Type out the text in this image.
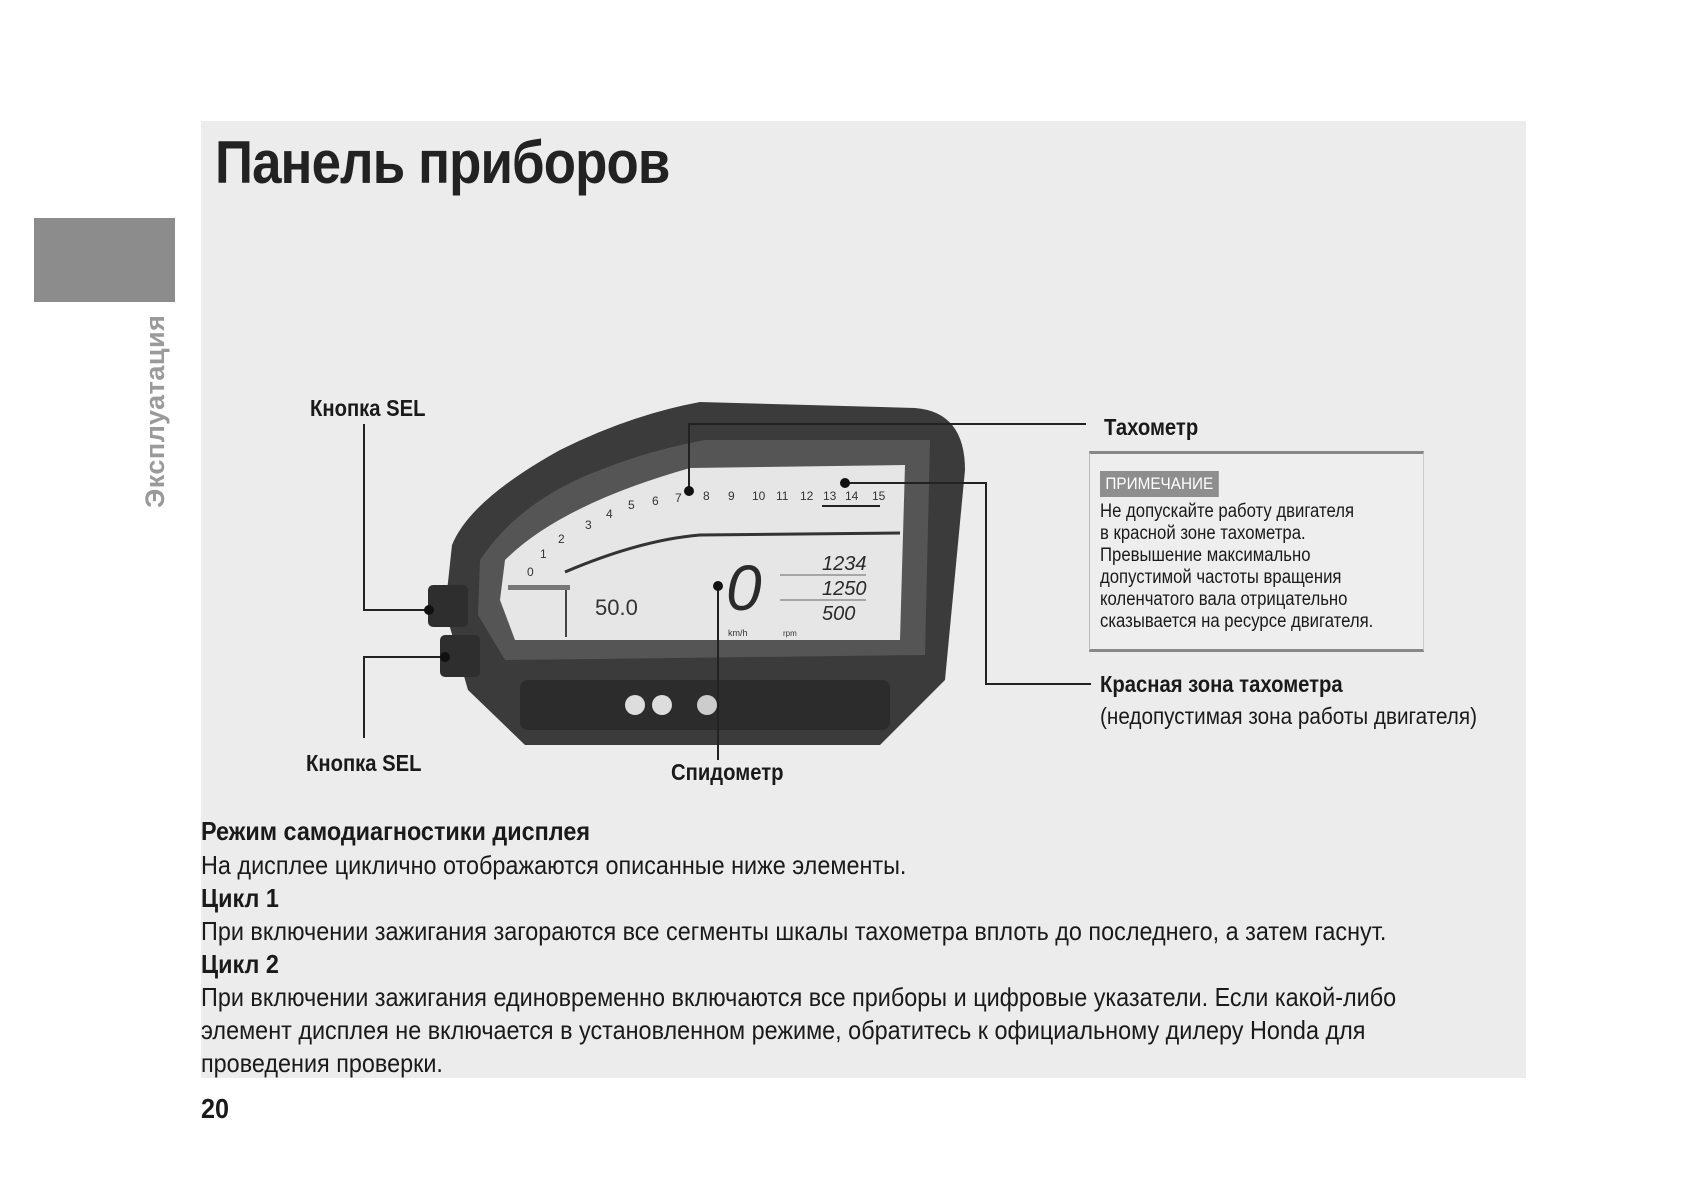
Панель приборов
Эксплуатация
0
1
2
3
4
5 6 7 8 9 10 11 12 13 14 15
0
km/h	rpm
50.0
1234
1250
500
Кнопка SEL
Кнопка SEL
Тахометр
Спидометр
Красная зона тахометра
(недопустимая зона работы двигателя)
ПРИМЕЧАНИЕ
Не допускайте работу двигателя
в красной зоне тахометра.
Превышение максимально
допустимой частоты вращения
коленчатого вала отрицательно
сказывается на ресурсе двигателя.
Режим самодиагностики дисплея
На дисплее циклично отображаются описанные ниже элементы.
Цикл 1
При включении зажигания загораются все сегменты шкалы тахометра вплоть до последнего, а затем гаснут.
Цикл 2
При включении зажигания единовременно включаются все приборы и цифровые указатели. Если какой-либо
элемент дисплея не включается в установленном режиме, обратитесь к официальному дилеру Honda для
проведения проверки.
20
